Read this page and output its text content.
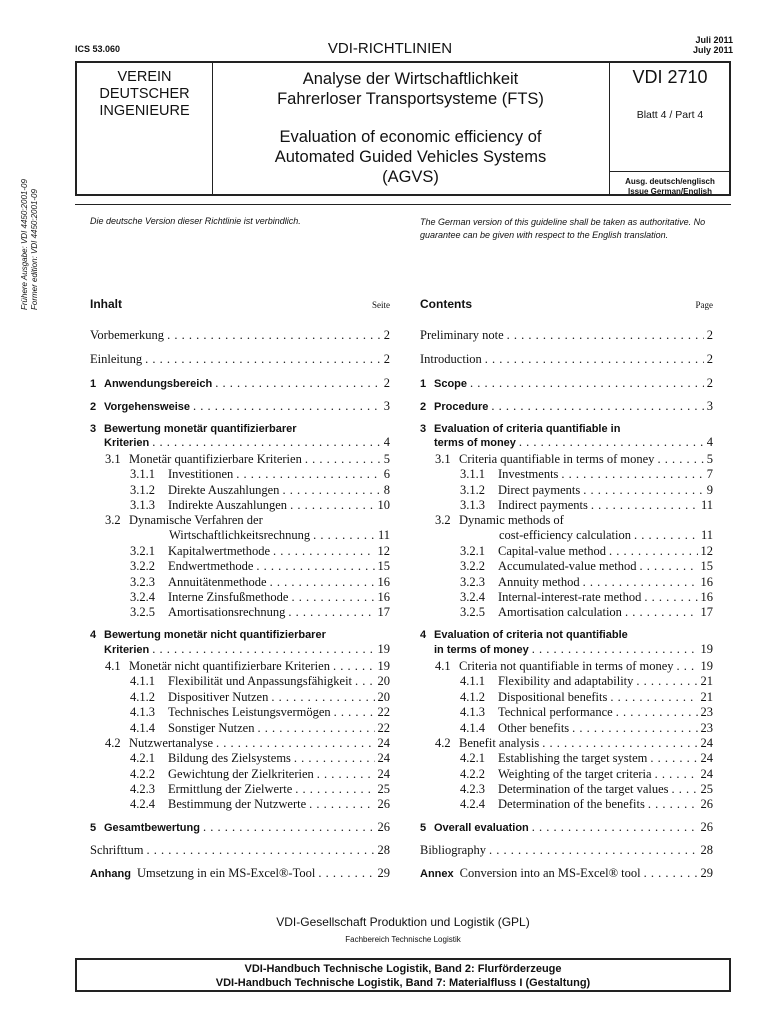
ICS 53.060	VDI-RICHTLINIEN	Juli 2011
July 2011
Frühere Ausgabe: VDI 4450:2001-09 Former edition: VDI 4450:2001-09
VEREIN
DEUTSCHER
INGENIEURE
Analyse der Wirtschaftlichkeit
Fahrerloser Transportsysteme (FTS)
Evaluation of economic efficiency of
Automated Guided Vehicles Systems
(AGVS)
VDI 2710
Blatt 4 / Part 4
Ausg. deutsch/englisch
Issue German/English
Die deutsche Version dieser Richtlinie ist verbindlich.	The German version of this guideline shall be taken as authoritative. No guarantee can be given with respect to the English translation.
Inhalt	Seite
Vorbemerkung . . .	2
Einleitung . . .	2
1 Anwendungsbereich . . .	2
2 Vorgehensweise . . .	3
3 Bewertung monetär quantifizierbarer
Kriterien . . .	4
3.1 Monetär quantifizierbare Kriterien . . .	5
3.1.1 Investitionen . . .	6
3.1.2 Direkte Auszahlungen . . .	8
3.1.3 Indirekte Auszahlungen . . .	10
3.2 Dynamische Verfahren der
Wirtschaftlichkeitsrechnung . . .	11
3.2.1 Kapitalwertmethode . . .	12
3.2.2 Endwertmethode . . .	15
3.2.3 Annuitätenmethode . . .	16
3.2.4 Interne Zinsfußmethode . . .	16
3.2.5 Amortisationsrechnung . . .	17
4 Bewertung monetär nicht quantifizierbarer
Kriterien . . .	19
4.1 Monetär nicht quantifizierbare Kriterien . . .	19
4.1.1 Flexibilität und Anpassungsfähigkeit . . . 20
4.1.2 Dispositiver Nutzen . . .	20
4.1.3 Technisches Leistungsvermögen . . .	22
4.1.4 Sonstiger Nutzen . . .	22
4.2 Nutzwertanalyse . . .	24
4.2.1 Bildung des Zielsystems . . .	24
4.2.2 Gewichtung der Zielkriterien . . .	24
4.2.3 Ermittlung der Zielwerte . . .	25
4.2.4 Bestimmung der Nutzwerte . . .	26
5 Gesamtbewertung . . .	26
Schrifttum . . .	28
Anhang Umsetzung in ein MS-Excel®-Tool . . .	29
Contents	Page
Preliminary note . . .	2
Introduction . . .	2
1 Scope . . .	2
2 Procedure . . .	3
3 Evaluation of criteria quantifiable in
terms of money . . .	4
3.1 Criteria quantifiable in terms of money . . .	5
3.1.1 Investments . . .	7
3.1.2 Direct payments . . .	9
3.1.3 Indirect payments . . .	11
3.2 Dynamic methods of
cost-efficiency calculation . . .	11
3.2.1 Capital-value method . . .	12
3.2.2 Accumulated-value method . . .	15
3.2.3 Annuity method . . .	16
3.2.4 Internal-interest-rate method . . .	16
3.2.5 Amortisation calculation . . .	17
4 Evaluation of criteria not quantifiable
in terms of money . . .	19
4.1 Criteria not quantifiable in terms of money . . . 19
4.1.1 Flexibility and adaptability . . .	21
4.1.2 Dispositional benefits . . .	21
4.1.3 Technical performance . . .	23
4.1.4 Other benefits . . .	23
4.2 Benefit analysis . . .	24
4.2.1 Establishing the target system . . .	24
4.2.2 Weighting of the target criteria . . .	24
4.2.3 Determination of the target values . . .	25
4.2.4 Determination of the benefits . . .	26
5 Overall evaluation . . .	26
Bibliography . . .	28
Annex Conversion into an MS-Excel® tool . . .	29
VDI-Gesellschaft Produktion und Logistik (GPL)
Fachbereich Technische Logistik
VDI-Handbuch Technische Logistik, Band 2: Flurförderzeuge
VDI-Handbuch Technische Logistik, Band 7: Materialfluss I (Gestaltung)
